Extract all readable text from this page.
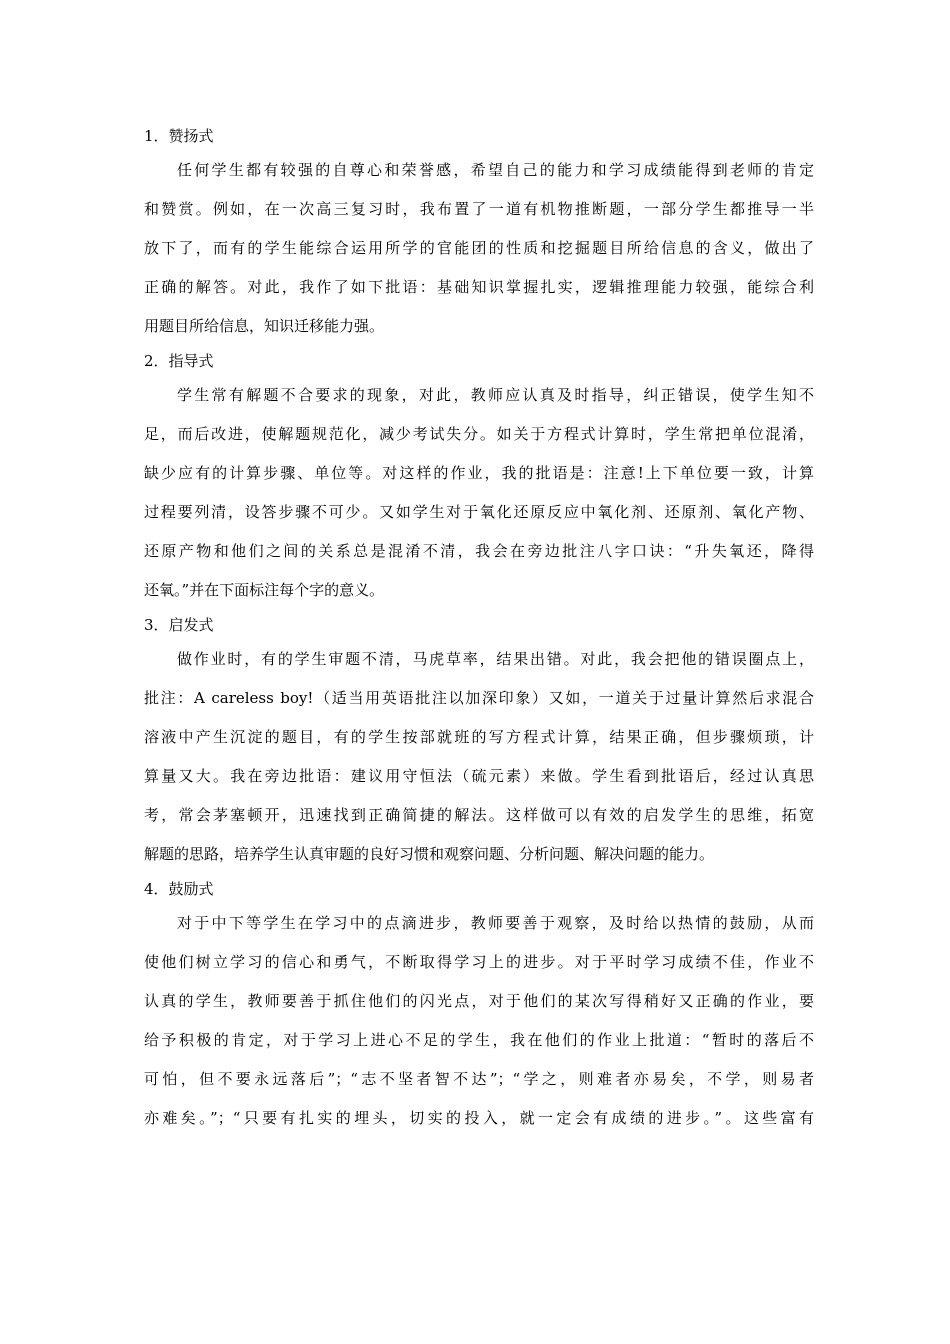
1．赞扬式
任何学生都有较强的自尊心和荣誉感，希望自己的能力和学习成绩能得到老师的肯定
和赞赏。例如，在一次高三复习时，我布置了一道有机物推断题，一部分学生都推导一半
放下了，而有的学生能综合运用所学的官能团的性质和挖掘题目所给信息的含义，做出了
正确的解答。对此，我作了如下批语：基础知识掌握扎实，逻辑推理能力较强，能综合利
用题目所给信息，知识迁移能力强。
2．指导式
学生常有解题不合要求的现象，对此，教师应认真及时指导，纠正错误，使学生知不
足，而后改进，使解题规范化，减少考试失分。如关于方程式计算时，学生常把单位混淆，
缺少应有的计算步骤、单位等。对这样的作业，我的批语是：注意!上下单位要一致，计算
过程要列清，设答步骤不可少。又如学生对于氧化还原反应中氧化剂、还原剂、氧化产物、
还原产物和他们之间的关系总是混淆不清，我会在旁边批注八字口诀：“升失氧还，降得
还氧。”并在下面标注每个字的意义。
3．启发式
做作业时，有的学生审题不清，马虎草率，结果出错。对此，我会把他的错误圈点上，
批注：A careless boy!（适当用英语批注以加深印象）又如，一道关于过量计算然后求混合
溶液中产生沉淀的题目，有的学生按部就班的写方程式计算，结果正确，但步骤烦琐，计
算量又大。我在旁边批语：建议用守恒法（硫元素）来做。学生看到批语后，经过认真思
考，常会茅塞顿开，迅速找到正确简捷的解法。这样做可以有效的启发学生的思维，拓宽
解题的思路，培养学生认真审题的良好习惯和观察问题、分析问题、解决问题的能力。
4．鼓励式
对于中下等学生在学习中的点滴进步，教师要善于观察，及时给以热情的鼓励，从而
使他们树立学习的信心和勇气，不断取得学习上的进步。对于平时学习成绩不佳，作业不
认真的学生，教师要善于抓住他们的闪光点，对于他们的某次写得稍好又正确的作业，要
给予积极的肯定，对于学习上进心不足的学生，我在他们的作业上批道：“暂时的落后不
可怕，但不要永远落后”；“志不坚者智不达”；“学之，则难者亦易矣，不学，则易者
亦难矣。”；“只要有扎实的埋头，切实的投入，就一定会有成绩的进步。”。这些富有
